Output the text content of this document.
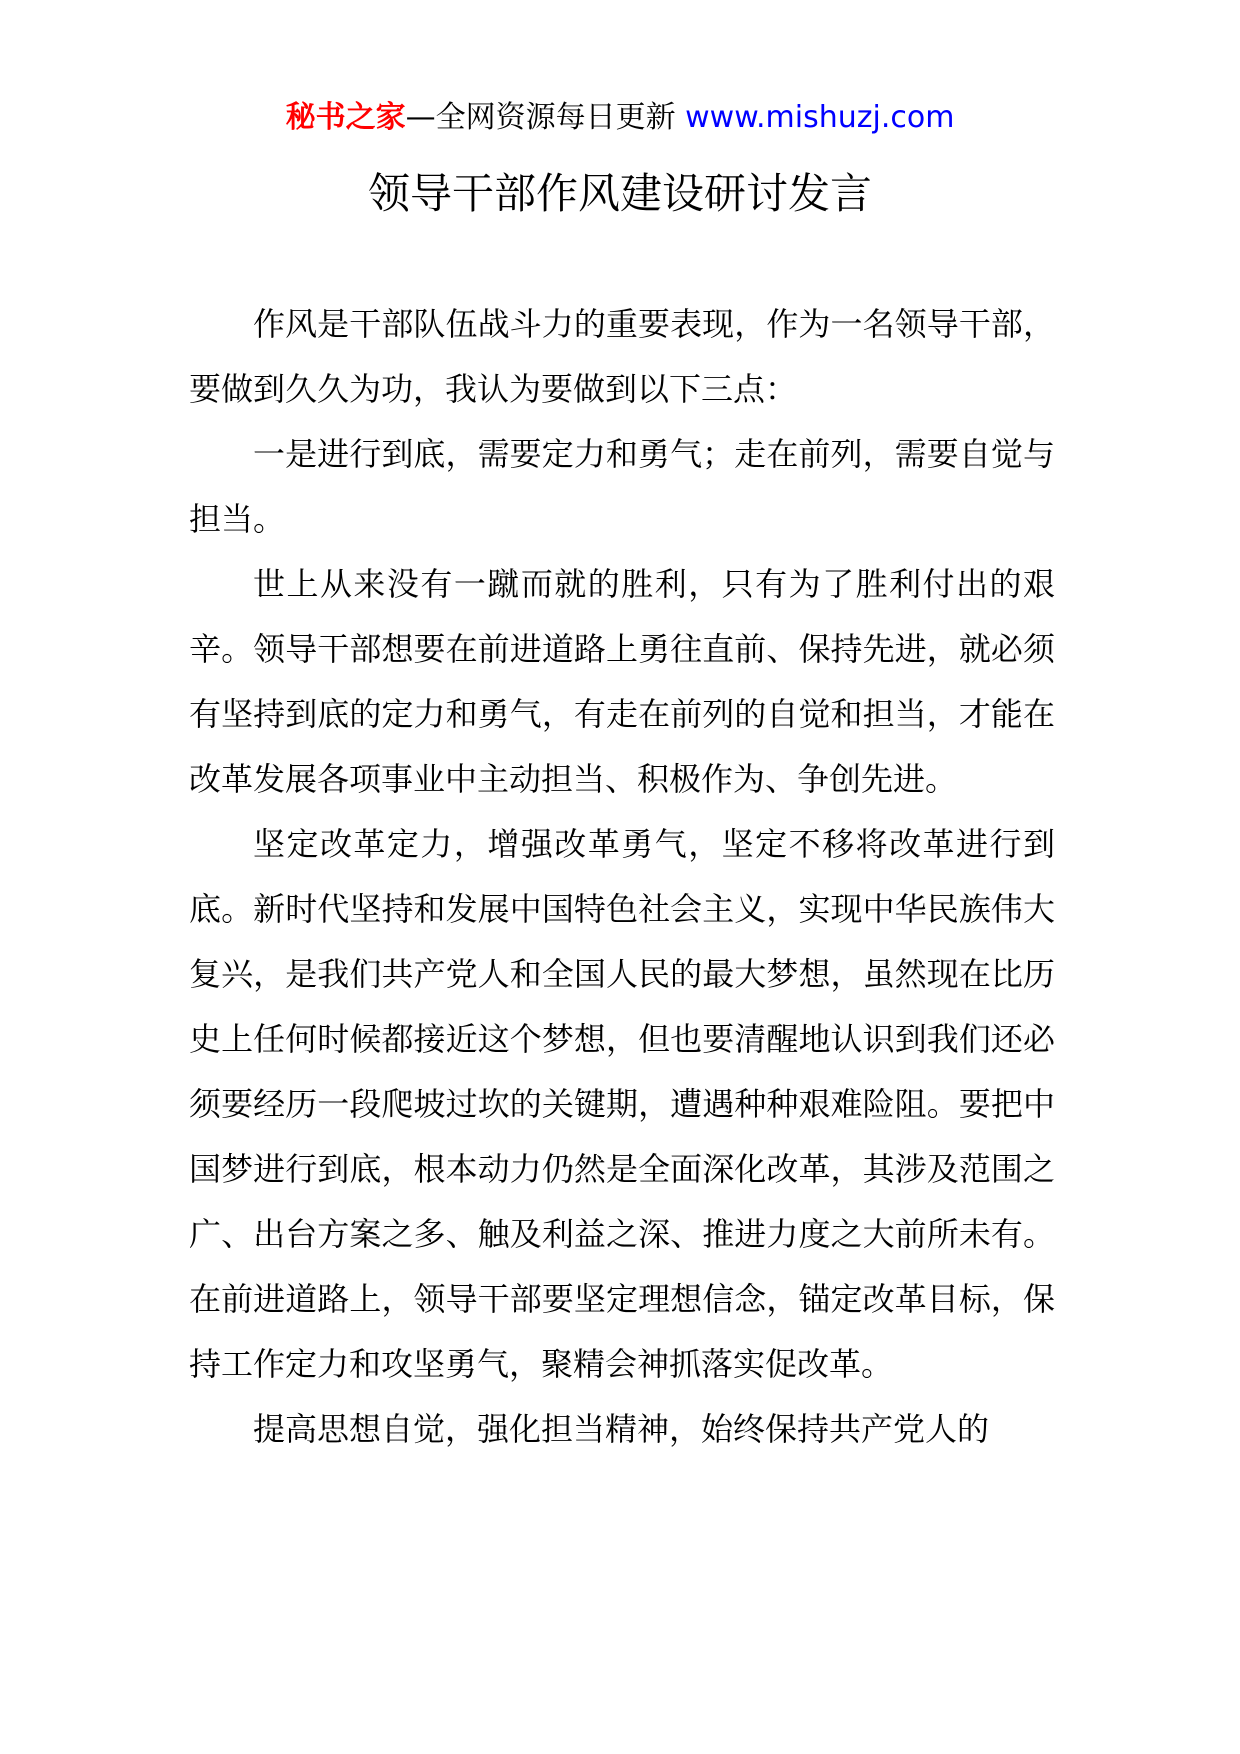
秘书之家—全网资源每日更新 www.mishuzj.com
领导干部作风建设研讨发言

作风是干部队伍战斗力的重要表现，作为一名领导干部，要做到久久为功，我认为要做到以下三点：

一是进行到底，需要定力和勇气；走在前列，需要自觉与担当。

世上从来没有一蹴而就的胜利，只有为了胜利付出的艰辛。领导干部想要在前进道路上勇往直前、保持先进，就必须有坚持到底的定力和勇气，有走在前列的自觉和担当，才能在改革发展各项事业中主动担当、积极作为、争创先进。

坚定改革定力，增强改革勇气，坚定不移将改革进行到底。新时代坚持和发展中国特色社会主义，实现中华民族伟大复兴，是我们共产党人和全国人民的最大梦想，虽然现在比历史上任何时候都接近这个梦想，但也要清醒地认识到我们还必须要经历一段爬坡过坎的关键期，遭遇种种艰难险阻。要把中国梦进行到底，根本动力仍然是全面深化改革，其涉及范围之广、出台方案之多、触及利益之深、推进力度之大前所未有。在前进道路上，领导干部要坚定理想信念，锚定改革目标，保持工作定力和攻坚勇气，聚精会神抓落实促改革。

提高思想自觉，强化担当精神，始终保持共产党人的
